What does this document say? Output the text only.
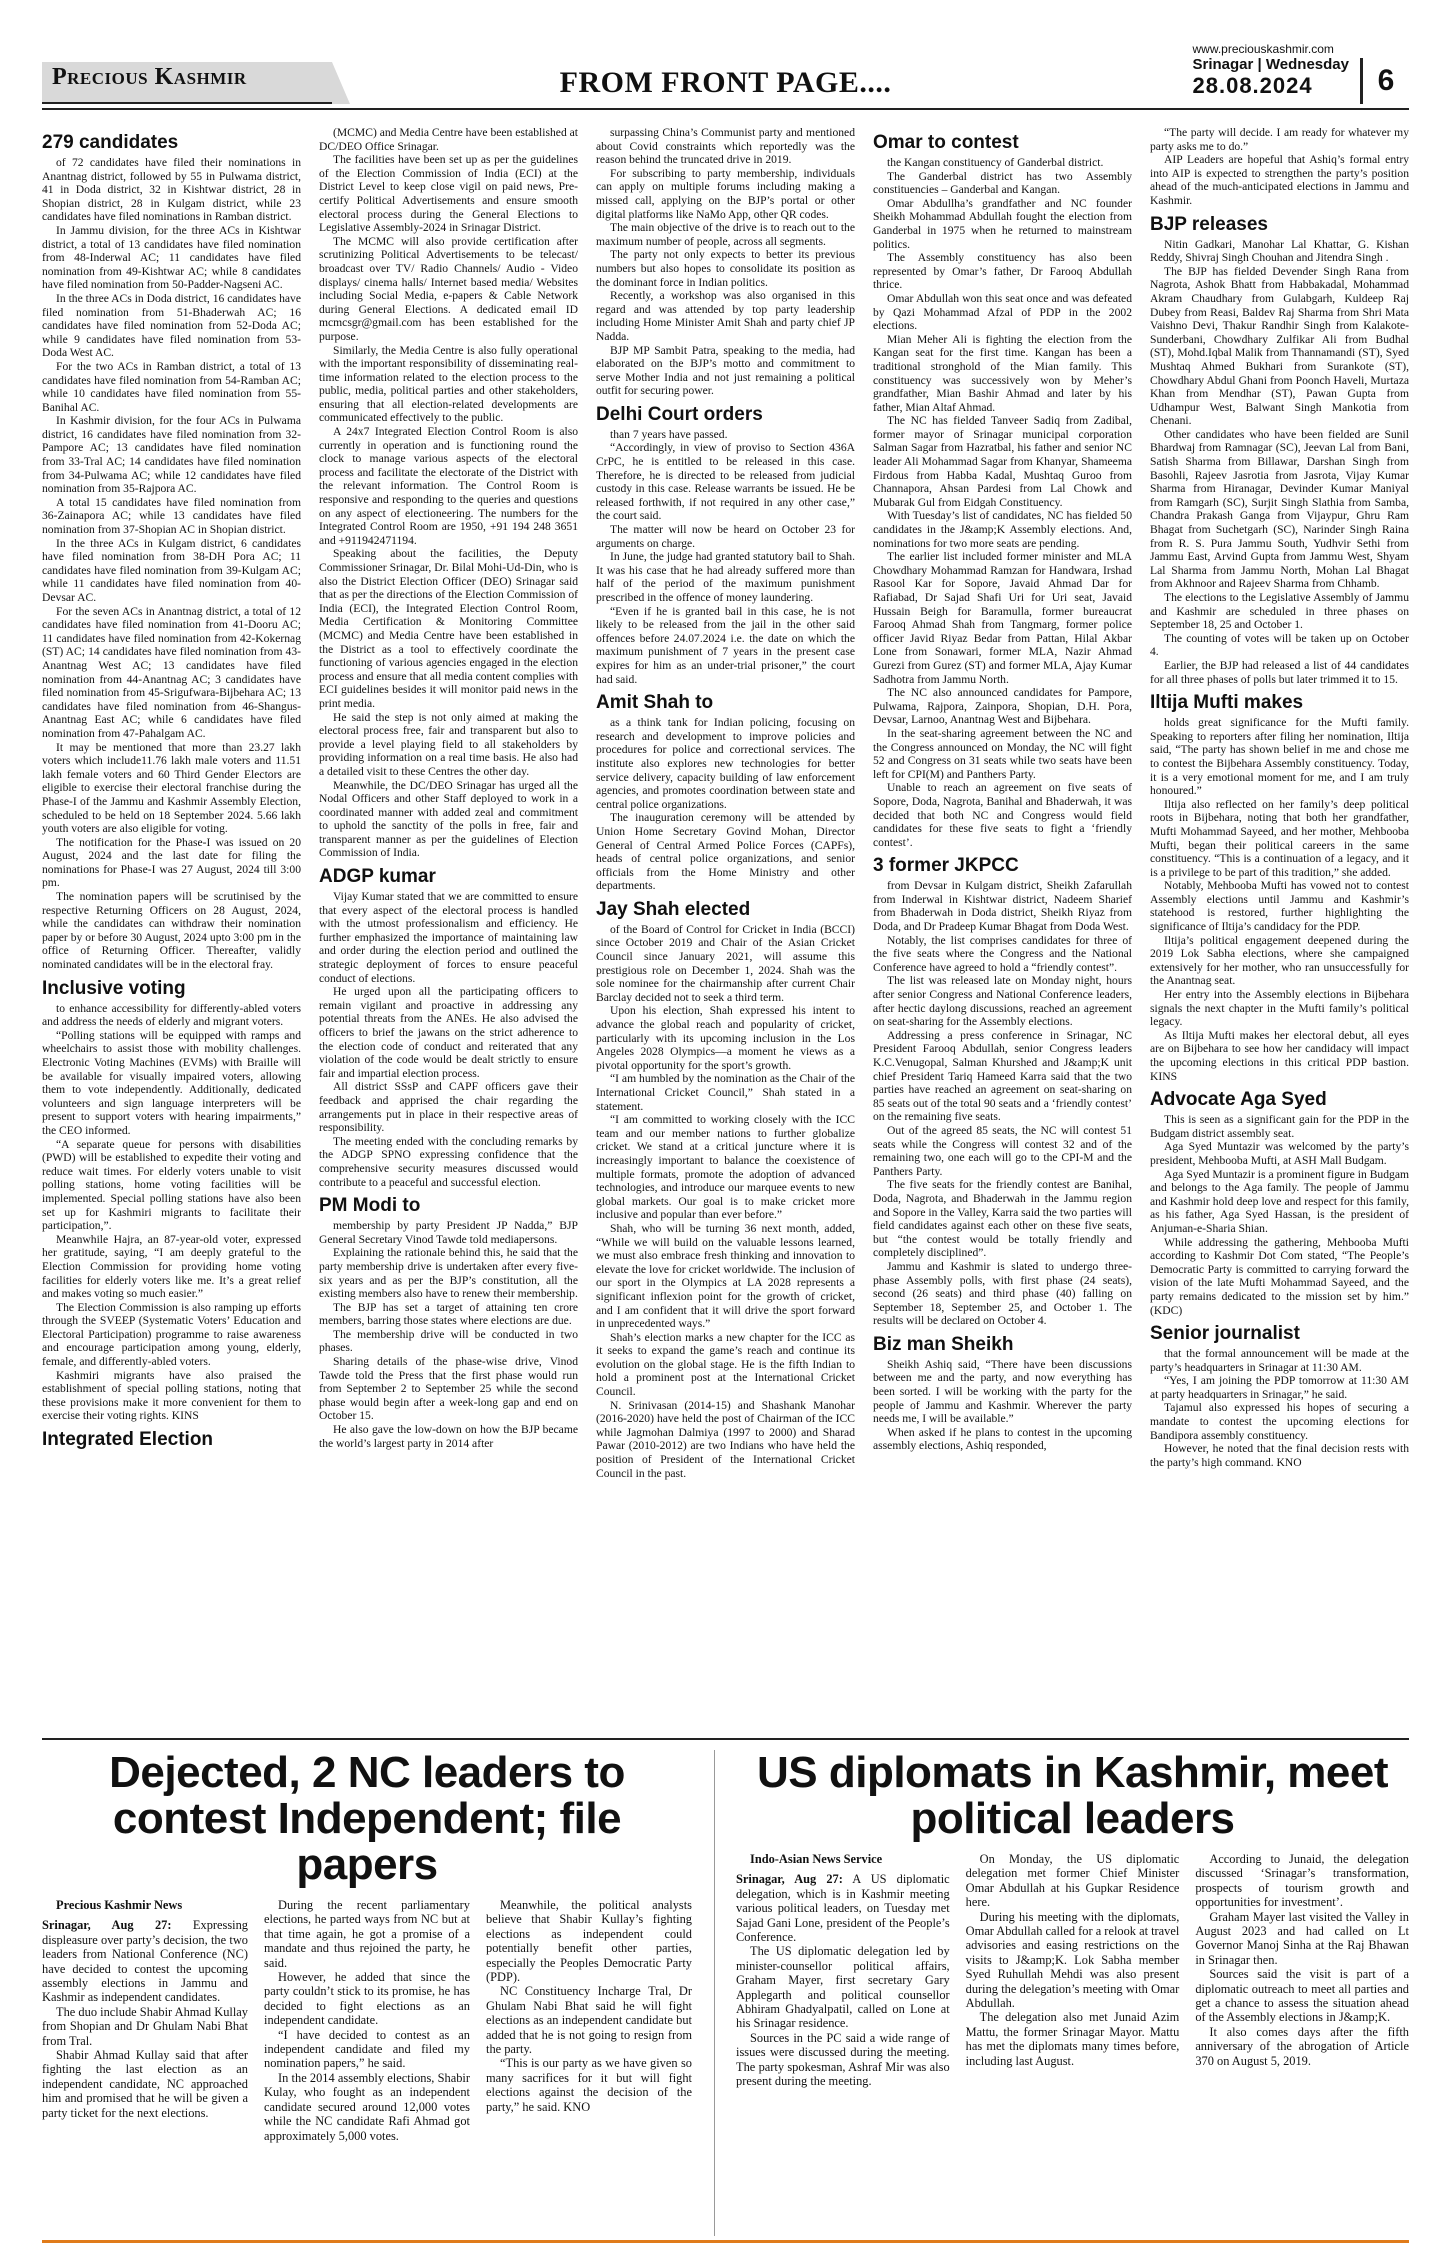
Precious Kashmir	FROM FRONT PAGE....
www.preciouskashmir.com
Srinagar | Wednesday
28.08.2024	6
279 candidates

of 72 candidates have filed their nominations in Anantnag district, followed by 55 in Pulwama district, 41 in Doda district, 32 in Kishtwar district, 28 in Shopian district, 28 in Kulgam district, while 23 candidates have filed nominations in Ramban district.

In Jammu division, for the three ACs in Kishtwar district, a total of 13 candidates have filed nomination from 48-Inderwal AC; 11 candidates have filed nomination from 49-Kishtwar AC; while 8 candidates have filed nomination from 50-Padder-Nagseni AC.

In the three ACs in Doda district, 16 candidates have filed nomination from 51-Bhaderwah AC; 16 candidates have filed nomination from 52-Doda AC; while 9 candidates have filed nomination from 53-Doda West AC.

For the two ACs in Ramban district, a total of 13 candidates have filed nomination from 54-Ramban AC; while 10 candidates have filed nomination from 55-Banihal AC.

In Kashmir division, for the four ACs in Pulwama district, 16 candidates have filed nomination from 32-Pampore AC; 13 candidates have filed nomination from 33-Tral AC; 14 candidates have filed nomination from 34-Pulwama AC; while 12 candidates have filed nomination from 35-Rajpora AC.

A total 15 candidates have filed nomination from 36-Zainapora AC; while 13 candidates have filed nomination from 37-Shopian AC in Shopian district.

In the three ACs in Kulgam district, 6 candidates have filed nomination from 38-DH Pora AC; 11 candidates have filed nomination from 39-Kulgam AC; while 11 candidates have filed nomination from 40-Devsar AC.

For the seven ACs in Anantnag district, a total of 12 candidates have filed nomination from 41-Dooru AC; 11 candidates have filed nomination from 42-Kokernag (ST) AC; 14 candidates have filed nomination from 43-Anantnag West AC; 13 candidates have filed nomination from 44-Anantnag AC; 3 candidates have filed nomination from 45-Srigufwara-Bijbehara AC; 13 candidates have filed nomination from 46-Shangus-Anantnag East AC; while 6 candidates have filed nomination from 47-Pahalgam AC.

It may be mentioned that more than 23.27 lakh voters which include11.76 lakh male voters and 11.51 lakh female voters and 60 Third Gender Electors are eligible to exercise their electoral franchise during the Phase-I of the Jammu and Kashmir Assembly Election, scheduled to be held on 18 September 2024. 5.66 lakh youth voters are also eligible for voting.

The notification for the Phase-I was issued on 20 August, 2024 and the last date for filing the nominations for Phase-I was 27 August, 2024 till 3:00 pm.

The nomination papers will be scrutinised by the respective Returning Officers on 28 August, 2024, while the candidates can withdraw their nomination paper by or before 30 August, 2024 upto 3:00 pm in the office of Returning Officer. Thereafter, validly nominated candidates will be in the electoral fray.

Inclusive voting

to enhance accessibility for differently-abled voters and address the needs of elderly and migrant voters.

“Polling stations will be equipped with ramps and wheelchairs to assist those with mobility challenges. Electronic Voting Machines (EVMs) with Braille will be available for visually impaired voters, allowing them to vote independently. Additionally, dedicated volunteers and sign language interpreters will be present to support voters with hearing impairments,” the CEO informed.

“A separate queue for persons with disabilities (PWD) will be established to expedite their voting and reduce wait times. For elderly voters unable to visit polling stations, home voting facilities will be implemented. Special polling stations have also been set up for Kashmiri migrants to facilitate their participation,”.

Meanwhile Hajra, an 87-year-old voter, expressed her gratitude, saying, “I am deeply grateful to the Election Commission for providing home voting facilities for elderly voters like me. It’s a great relief and makes voting so much easier.”

The Election Commission is also ramping up efforts through the SVEEP (Systematic Voters’ Education and Electoral Participation) programme to raise awareness and encourage participation among young, elderly, female, and differently-abled voters.

Kashmiri migrants have also praised the establishment of special polling stations, noting that these provisions make it more convenient for them to exercise their voting rights. KINS

Integrated Election

(MCMC) and Media Centre have been established at DC/DEO Office Srinagar.

The facilities have been set up as per the guidelines of the Election Commission of India (ECI) at the District Level to keep close vigil on paid news, Pre-certify Political Advertisements and ensure smooth electoral process during the General Elections to Legislative Assembly-2024 in Srinagar District.

The MCMC will also provide certification after scrutinizing Political Advertisements to be telecast/ broadcast over TV/ Radio Channels/ Audio - Video displays/ cinema halls/ Internet based media/ Websites including Social Media, e-papers & Cable Network during General Elections. A dedicated email ID mcmcsgr@gmail.com has been established for the purpose.

Similarly, the Media Centre is also fully operational with the important responsibility of disseminating real-time information related to the election process to the public, media, political parties and other stakeholders, ensuring that all election-related developments are communicated effectively to the public.

A 24x7 Integrated Election Control Room is also currently in operation and is functioning round the clock to manage various aspects of the electoral process and facilitate the electorate of the District with the relevant information. The Control Room is responsive and responding to the queries and questions on any aspect of electioneering. The numbers for the Integrated Control Room are 1950, +91 194 248 3651 and +911942471194.

Speaking about the facilities, the Deputy Commissioner Srinagar, Dr. Bilal Mohi-Ud-Din, who is also the District Election Officer (DEO) Srinagar said that as per the directions of the Election Commission of India (ECI), the Integrated Election Control Room, Media Certification & Monitoring Committee (MCMC) and Media Centre have been established in the District as a tool to effectively coordinate the functioning of various agencies engaged in the election process and ensure that all media content complies with ECI guidelines besides it will monitor paid news in the print media.

He said the step is not only aimed at making the electoral process free, fair and transparent but also to provide a level playing field to all stakeholders by providing information on a real time basis. He also had a detailed visit to these Centres the other day.

Meanwhile, the DC/DEO Srinagar has urged all the Nodal Officers and other Staff deployed to work in a coordinated manner with added zeal and commitment to uphold the sanctity of the polls in free, fair and transparent manner as per the guidelines of Election Commission of India.

ADGP kumar

Vijay Kumar stated that we are committed to ensure that every aspect of the electoral process is handled with the utmost professionalism and efficiency. He further emphasized the importance of maintaining law and order during the election period and outlined the strategic deployment of forces to ensure peaceful conduct of elections.

He urged upon all the participating officers to remain vigilant and proactive in addressing any potential threats from the ANEs. He also advised the officers to brief the jawans on the strict adherence to the election code of conduct and reiterated that any violation of the code would be dealt strictly to ensure fair and impartial election process.

All district SSsP and CAPF officers gave their feedback and apprised the chair regarding the arrangements put in place in their respective areas of responsibility.

The meeting ended with the concluding remarks by the ADGP SPNO expressing confidence that the comprehensive security measures discussed would contribute to a peaceful and successful election.

PM Modi to

membership by party President JP Nadda,” BJP General Secretary Vinod Tawde told mediapersons.

Explaining the rationale behind this, he said that the party membership drive is undertaken after every five-six years and as per the BJP’s constitution, all the existing members also have to renew their membership.

The BJP has set a target of attaining ten crore members, barring those states where elections are due.

The membership drive will be conducted in two phases.

Sharing details of the phase-wise drive, Vinod Tawde told the Press that the first phase would run from September 2 to September 25 while the second phase would begin after a week-long gap and end on October 15.

He also gave the low-down on how the BJP became the world’s largest party in 2014 after

surpassing China’s Communist party and mentioned about Covid constraints which reportedly was the reason behind the truncated drive in 2019.

For subscribing to party membership, individuals can apply on multiple forums including making a missed call, applying on the BJP’s portal or other digital platforms like NaMo App, other QR codes.

The main objective of the drive is to reach out to the maximum number of people, across all segments.

The party not only expects to better its previous numbers but also hopes to consolidate its position as the dominant force in Indian politics.

Recently, a workshop was also organised in this regard and was attended by top party leadership including Home Minister Amit Shah and party chief JP Nadda.

BJP MP Sambit Patra, speaking to the media, had elaborated on the BJP’s motto and commitment to serve Mother India and not just remaining a political outfit for securing power.

Delhi Court orders

than 7 years have passed.

“Accordingly, in view of proviso to Section 436A CrPC, he is entitled to be released in this case. Therefore, he is directed to be released from judicial custody in this case. Release warrants be issued. He be released forthwith, if not required in any other case,” the court said.

The matter will now be heard on October 23 for arguments on charge.

In June, the judge had granted statutory bail to Shah. It was his case that he had already suffered more than half of the period of the maximum punishment prescribed in the offence of money laundering.

“Even if he is granted bail in this case, he is not likely to be released from the jail in the other said offences before 24.07.2024 i.e. the date on which the maximum punishment of 7 years in the present case expires for him as an under-trial prisoner,” the court had said.

Amit Shah to

as a think tank for Indian policing, focusing on research and development to improve policies and procedures for police and correctional services. The institute also explores new technologies for better service delivery, capacity building of law enforcement agencies, and promotes coordination between state and central police organizations.

The inauguration ceremony will be attended by Union Home Secretary Govind Mohan, Director General of Central Armed Police Forces (CAPFs), heads of central police organizations, and senior officials from the Home Ministry and other departments.

Jay Shah elected

of the Board of Control for Cricket in India (BCCI) since October 2019 and Chair of the Asian Cricket Council since January 2021, will assume this prestigious role on December 1, 2024. Shah was the sole nominee for the chairmanship after current Chair Barclay decided not to seek a third term.

Upon his election, Shah expressed his intent to advance the global reach and popularity of cricket, particularly with its upcoming inclusion in the Los Angeles 2028 Olympics—a moment he views as a pivotal opportunity for the sport’s growth.

“I am humbled by the nomination as the Chair of the International Cricket Council,” Shah stated in a statement.

“I am committed to working closely with the ICC team and our member nations to further globalize cricket. We stand at a critical juncture where it is increasingly important to balance the coexistence of multiple formats, promote the adoption of advanced technologies, and introduce our marquee events to new global markets. Our goal is to make cricket more inclusive and popular than ever before.”

Shah, who will be turning 36 next month, added, “While we will build on the valuable lessons learned, we must also embrace fresh thinking and innovation to elevate the love for cricket worldwide. The inclusion of our sport in the Olympics at LA 2028 represents a significant inflexion point for the growth of cricket, and I am confident that it will drive the sport forward in unprecedented ways.”

Shah’s election marks a new chapter for the ICC as it seeks to expand the game’s reach and continue its evolution on the global stage. He is the fifth Indian to hold a prominent post at the International Cricket Council.

N. Srinivasan (2014-15) and Shashank Manohar (2016-2020) have held the post of Chairman of the ICC while Jagmohan Dalmiya (1997 to 2000) and Sharad Pawar (2010-2012) are two Indians who have held the position of President of the International Cricket Council in the past.

Omar to contest

the Kangan constituency of Ganderbal district.

The Ganderbal district has two Assembly constituencies – Ganderbal and Kangan.

Omar Abdullha’s grandfather and NC founder Sheikh Mohammad Abdullah fought the election from Ganderbal in 1975 when he returned to mainstream politics.

The Assembly constituency has also been represented by Omar’s father, Dr Farooq Abdullah thrice.

Omar Abdullah won this seat once and was defeated by Qazi Mohammad Afzal of PDP in the 2002 elections.

Mian Meher Ali is fighting the election from the Kangan seat for the first time. Kangan has been a traditional stronghold of the Mian family. This constituency was successively won by Meher’s grandfather, Mian Bashir Ahmad and later by his father, Mian Altaf Ahmad.

The NC has fielded Tanveer Sadiq from Zadibal, former mayor of Srinagar municipal corporation Salman Sagar from Hazratbal, his father and senior NC leader Ali Mohammad Sagar from Khanyar, Shameema Firdous from Habba Kadal, Mushtaq Guroo from Channapora, Ahsan Pardesi from Lal Chowk and Mubarak Gul from Eidgah Constituency.

With Tuesday’s list of candidates, NC has fielded 50 candidates in the J&amp;K Assembly elections. And, nominations for two more seats are pending.

The earlier list included former minister and MLA Chowdhary Mohammad Ramzan for Handwara, Irshad Rasool Kar for Sopore, Javaid Ahmad Dar for Rafiabad, Dr Sajad Shafi Uri for Uri seat, Javaid Hussain Beigh for Baramulla, former bureaucrat Farooq Ahmad Shah from Tangmarg, former police officer Javid Riyaz Bedar from Pattan, Hilal Akbar Lone from Sonawari, former MLA, Nazir Ahmad Gurezi from Gurez (ST) and former MLA, Ajay Kumar Sadhotra from Jammu North.

The NC also announced candidates for Pampore, Pulwama, Rajpora, Zainpora, Shopian, D.H. Pora, Devsar, Larnoo, Anantnag West and Bijbehara.

In the seat-sharing agreement between the NC and the Congress announced on Monday, the NC will fight 52 and Congress on 31 seats while two seats have been left for CPI(M) and Panthers Party.

Unable to reach an agreement on five seats of Sopore, Doda, Nagrota, Banihal and Bhaderwah, it was decided that both NC and Congress would field candidates for these five seats to fight a ‘friendly contest’.

3 former JKPCC

from Devsar in Kulgam district, Sheikh Zafarullah from Inderwal in Kishtwar district, Nadeem Sharief from Bhaderwah in Doda district, Sheikh Riyaz from Doda, and Dr Pradeep Kumar Bhagat from Doda West.

Notably, the list comprises candidates for three of the five seats where the Congress and the National Conference have agreed to hold a “friendly contest”.

The list was released late on Monday night, hours after senior Congress and National Conference leaders, after hectic daylong discussions, reached an agreement on seat-sharing for the Assembly elections.

Addressing a press conference in Srinagar, NC President Farooq Abdullah, senior Congress leaders K.C.Venugopal, Salman Khurshed and J&amp;K unit chief President Tariq Hameed Karra said that the two parties have reached an agreement on seat-sharing on 85 seats out of the total 90 seats and a ‘friendly contest’ on the remaining five seats.

Out of the agreed 85 seats, the NC will contest 51 seats while the Congress will contest 32 and of the remaining two, one each will go to the CPI-M and the Panthers Party.

The five seats for the friendly contest are Banihal, Doda, Nagrota, and Bhaderwah in the Jammu region and Sopore in the Valley, Karra said the two parties will field candidates against each other on these five seats, but “the contest would be totally friendly and completely disciplined”.

Jammu and Kashmir is slated to undergo three-phase Assembly polls, with first phase (24 seats), second (26 seats) and third phase (40) falling on September 18, September 25, and October 1. The results will be declared on October 4.

Biz man Sheikh

Sheikh Ashiq said, “There have been discussions between me and the party, and now everything has been sorted. I will be working with the party for the people of Jammu and Kashmir. Wherever the party needs me, I will be available.”

When asked if he plans to contest in the upcoming assembly elections, Ashiq responded,

“The party will decide. I am ready for whatever my party asks me to do.”

AIP Leaders are hopeful that Ashiq’s formal entry into AIP is expected to strengthen the party’s position ahead of the much-anticipated elections in Jammu and Kashmir.

BJP releases

Nitin Gadkari, Manohar Lal Khattar, G. Kishan Reddy, Shivraj Singh Chouhan and Jitendra Singh .

The BJP has fielded Devender Singh Rana from Nagrota, Ashok Bhatt from Habbakadal, Mohammad Akram Chaudhary from Gulabgarh, Kuldeep Raj Dubey from Reasi, Baldev Raj Sharma from Shri Mata Vaishno Devi, Thakur Randhir Singh from Kalakote-Sunderbani, Chowdhary Zulfikar Ali from Budhal (ST), Mohd.Iqbal Malik from Thannamandi (ST), Syed Mushtaq Ahmed Bukhari from Surankote (ST), Chowdhary Abdul Ghani from Poonch Haveli, Murtaza Khan from Mendhar (ST), Pawan Gupta from Udhampur West, Balwant Singh Mankotia from Chenani.

Other candidates who have been fielded are Sunil Bhardwaj from Ramnagar (SC), Jeevan Lal from Bani, Satish Sharma from Billawar, Darshan Singh from Basohli, Rajeev Jasrotia from Jasrota, Vijay Kumar Sharma from Hiranagar, Devinder Kumar Maniyal from Ramgarh (SC), Surjit Singh Slathia from Samba, Chandra Prakash Ganga from Vijaypur, Ghru Ram Bhagat from Suchetgarh (SC), Narinder Singh Raina from R. S. Pura Jammu South, Yudhvir Sethi from Jammu East, Arvind Gupta from Jammu West, Shyam Lal Sharma from Jammu North, Mohan Lal Bhagat from Akhnoor and Rajeev Sharma from Chhamb.

The elections to the Legislative Assembly of Jammu and Kashmir are scheduled in three phases on September 18, 25 and October 1.

The counting of votes will be taken up on October 4.

Earlier, the BJP had released a list of 44 candidates for all three phases of polls but later trimmed it to 15.

Iltija Mufti makes

holds great significance for the Mufti family. Speaking to reporters after filing her nomination, Iltija said, “The party has shown belief in me and chose me to contest the Bijbehara Assembly constituency. Today, it is a very emotional moment for me, and I am truly honoured.”

Iltija also reflected on her family’s deep political roots in Bijbehara, noting that both her grandfather, Mufti Mohammad Sayeed, and her mother, Mehbooba Mufti, began their political careers in the same constituency. “This is a continuation of a legacy, and it is a privilege to be part of this tradition,” she added.

Notably, Mehbooba Mufti has vowed not to contest Assembly elections until Jammu and Kashmir’s statehood is restored, further highlighting the significance of Iltija’s candidacy for the PDP.

Iltija’s political engagement deepened during the 2019 Lok Sabha elections, where she campaigned extensively for her mother, who ran unsuccessfully for the Anantnag seat.

Her entry into the Assembly elections in Bijbehara signals the next chapter in the Mufti family’s political legacy.

As Iltija Mufti makes her electoral debut, all eyes are on Bijbehara to see how her candidacy will impact the upcoming elections in this critical PDP bastion. KINS

Advocate Aga Syed

This is seen as a significant gain for the PDP in the Budgam district assembly seat.

Aga Syed Muntazir was welcomed by the party’s president, Mehbooba Mufti, at ASH Mall Budgam.

Aga Syed Muntazir is a prominent figure in Budgam and belongs to the Aga family. The people of Jammu and Kashmir hold deep love and respect for this family, as his father, Aga Syed Hassan, is the president of Anjuman-e-Sharia Shian.

While addressing the gathering, Mehbooba Mufti according to Kashmir Dot Com stated, “The People’s Democratic Party is committed to carrying forward the vision of the late Mufti Mohammad Sayeed, and the party remains dedicated to the mission set by him.” (KDC)

Senior journalist

that the formal announcement will be made at the party’s headquarters in Srinagar at 11:30 AM.

“Yes, I am joining the PDP tomorrow at 11:30 AM at party headquarters in Srinagar,” he said.

Tajamul also expressed his hopes of securing a mandate to contest the upcoming elections for Bandipora assembly constituency.

However, he noted that the final decision rests with the party’s high command. KNO

Dejected, 2 NC leaders to contest Independent; file papers

Precious Kashmir News

Srinagar, Aug 27: Expressing displeasure over party’s decision, the two leaders from National Conference (NC) have decided to contest the upcoming assembly elections in Jammu and Kashmir as independent candidates.

The duo include Shabir Ahmad Kullay from Shopian and Dr Ghulam Nabi Bhat from Tral.

Shabir Ahmad Kullay said that after fighting the last election as an independent candidate, NC approached him and promised that he will be given a party ticket for the next elections.

During the recent parliamentary elections, he parted ways from NC but at that time again, he got a promise of a mandate and thus rejoined the party, he said.

However, he added that since the party couldn’t stick to its promise, he has decided to fight elections as an independent candidate.

“I have decided to contest as an independent candidate and filed my nomination papers,” he said.

In the 2014 assembly elections, Shabir Kulay, who fought as an independent candidate secured around 12,000 votes while the NC candidate Rafi Ahmad got approximately 5,000 votes.

Meanwhile, the political analysts believe that Shabir Kullay’s fighting elections as independent could potentially benefit other parties, especially the Peoples Democratic Party (PDP).

NC Constituency Incharge Tral, Dr Ghulam Nabi Bhat said he will fight elections as an independent candidate but added that he is not going to resign from the party.

“This is our party as we have given so many sacrifices for it but will fight elections against the decision of the party,” he said. KNO

US diplomats in Kashmir, meet political leaders

Indo-Asian News Service

Srinagar, Aug 27: A US diplomatic delegation, which is in Kashmir meeting various political leaders, on Tuesday met Sajad Gani Lone, president of the People’s Conference.

The US diplomatic delegation led by minister-counsellor political affairs, Graham Mayer, first secretary Gary Applegarth and political counsellor Abhiram Ghadyalpatil, called on Lone at his Srinagar residence.

Sources in the PC said a wide range of issues were discussed during the meeting. The party spokesman, Ashraf Mir was also present during the meeting.

On Monday, the US diplomatic delegation met former Chief Minister Omar Abdullah at his Gupkar Residence here.

During his meeting with the diplomats, Omar Abdullah called for a relook at travel advisories and easing restrictions on the visits to J&amp;K. Lok Sabha member Syed Ruhullah Mehdi was also present during the delegation’s meeting with Omar Abdullah.

The delegation also met Junaid Azim Mattu, the former Srinagar Mayor. Mattu has met the diplomats many times before, including last August.

According to Junaid, the delegation discussed ‘Srinagar’s transformation, prospects of tourism growth and opportunities for investment’.

Graham Mayer last visited the Valley in August 2023 and had called on Lt Governor Manoj Sinha at the Raj Bhawan in Srinagar then.

Sources said the visit is part of a diplomatic outreach to meet all parties and get a chance to assess the situation ahead of the Assembly elections in J&amp;K.

It also comes days after the fifth anniversary of the abrogation of Article 370 on August 5, 2019.
